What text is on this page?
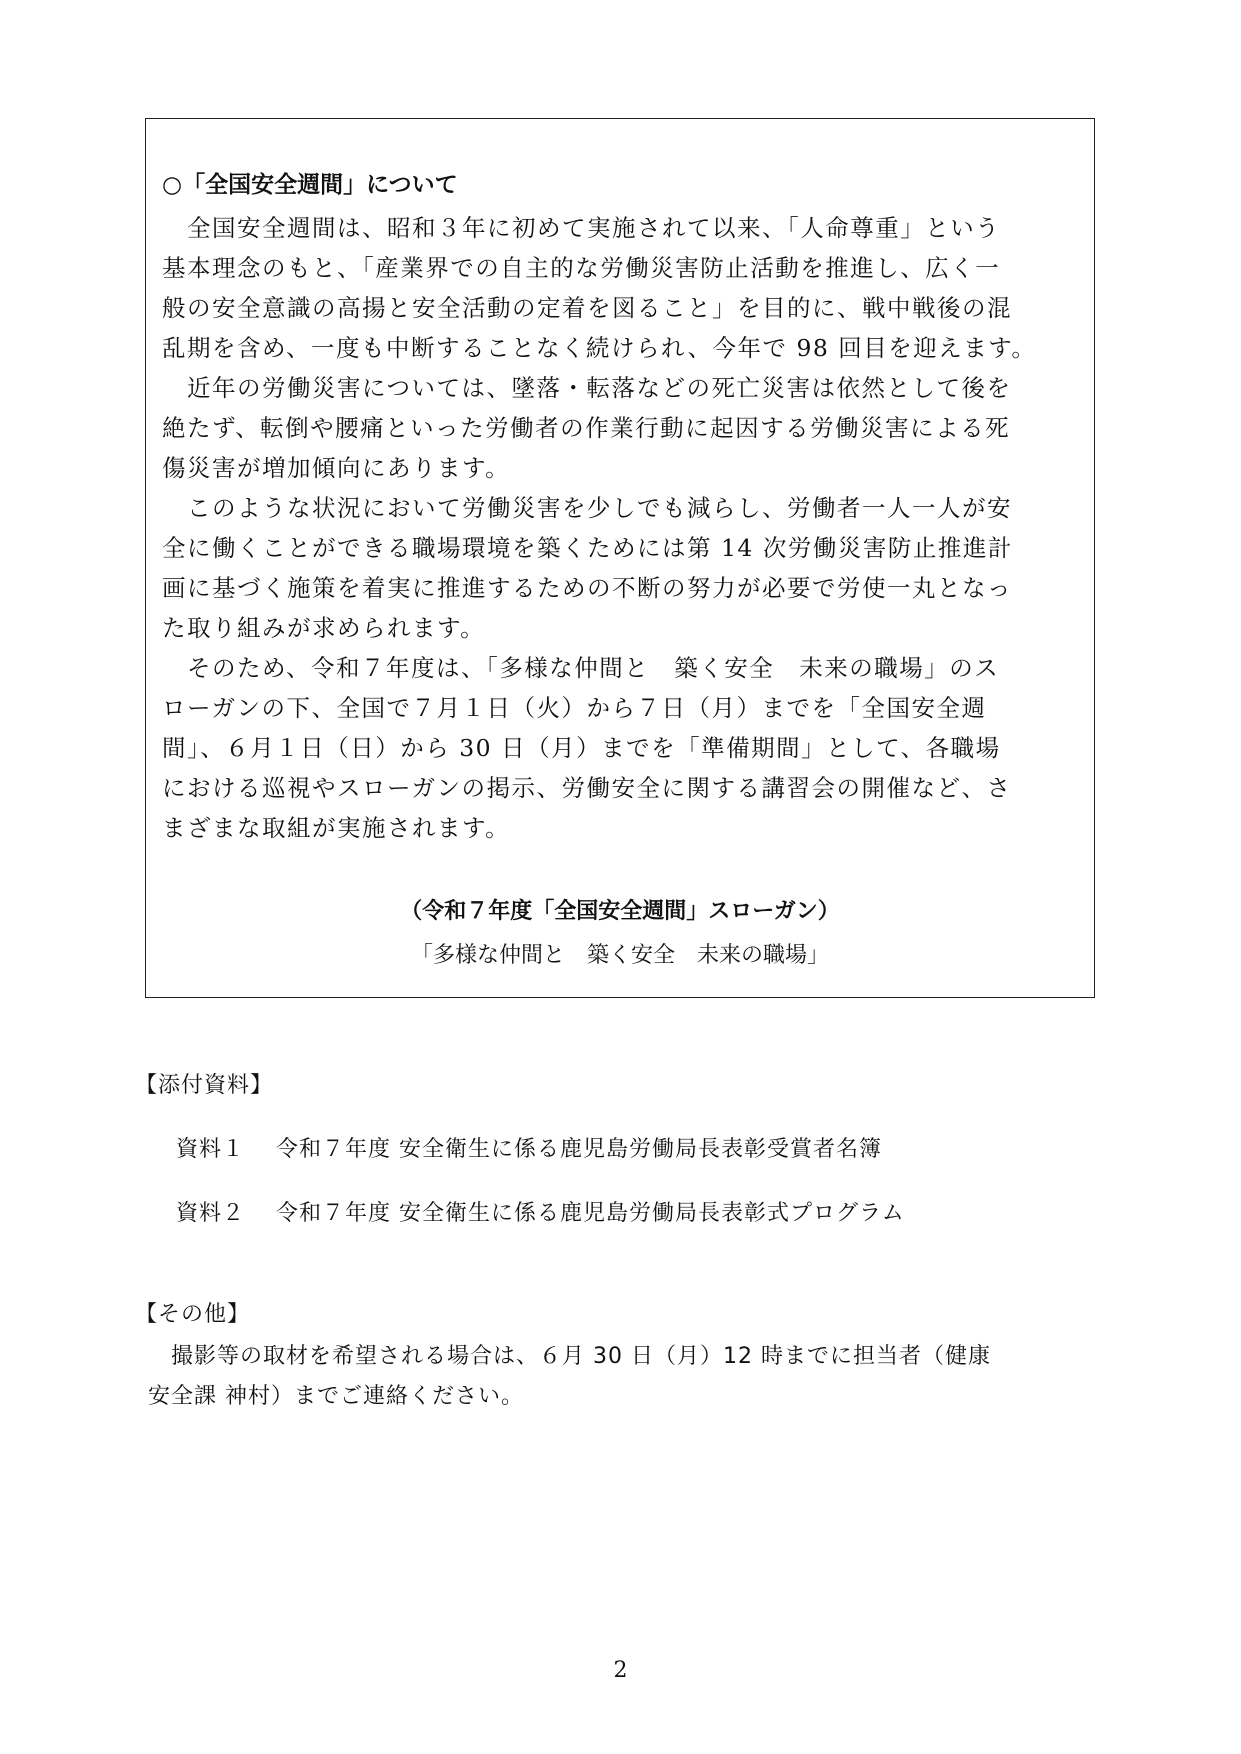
○「全国安全週間」について

　全国安全週間は、昭和３年に初めて実施されて以来、「人命尊重」という
基本理念のもと、「産業界での自主的な労働災害防止活動を推進し、広く一
般の安全意識の高揚と安全活動の定着を図ること」を目的に、戦中戦後の混
乱期を含め、一度も中断することなく続けられ、今年で 98 回目を迎えます。

　近年の労働災害については、墜落・転落などの死亡災害は依然として後を
絶たず、転倒や腰痛といった労働者の作業行動に起因する労働災害による死
傷災害が増加傾向にあります。

　このような状況において労働災害を少しでも減らし、労働者一人一人が安
全に働くことができる職場環境を築くためには第 14 次労働災害防止推進計
画に基づく施策を着実に推進するための不断の努力が必要で労使一丸となっ
た取り組みが求められます。

　そのため、令和７年度は、「多様な仲間と　築く安全　未来の職場」のス
ローガンの下、全国で７月１日（火）から７日（月）までを「全国安全週
間」、６月１日（日）から 30 日（月）までを「準備期間」として、各職場
における巡視やスローガンの掲示、労働安全に関する講習会の開催など、さ
まざまな取組が実施されます。

（令和７年度「全国安全週間」スローガン）
「多様な仲間と　築く安全　未来の職場」
【添付資料】
資料１　 令和７年度 安全衛生に係る鹿児島労働局長表彰受賞者名簿
資料２　 令和７年度 安全衛生に係る鹿児島労働局長表彰式プログラム
【その他】
　撮影等の取材を希望される場合は、６月 30 日（月）12 時までに担当者（健康
安全課 神村）までご連絡ください。
2
